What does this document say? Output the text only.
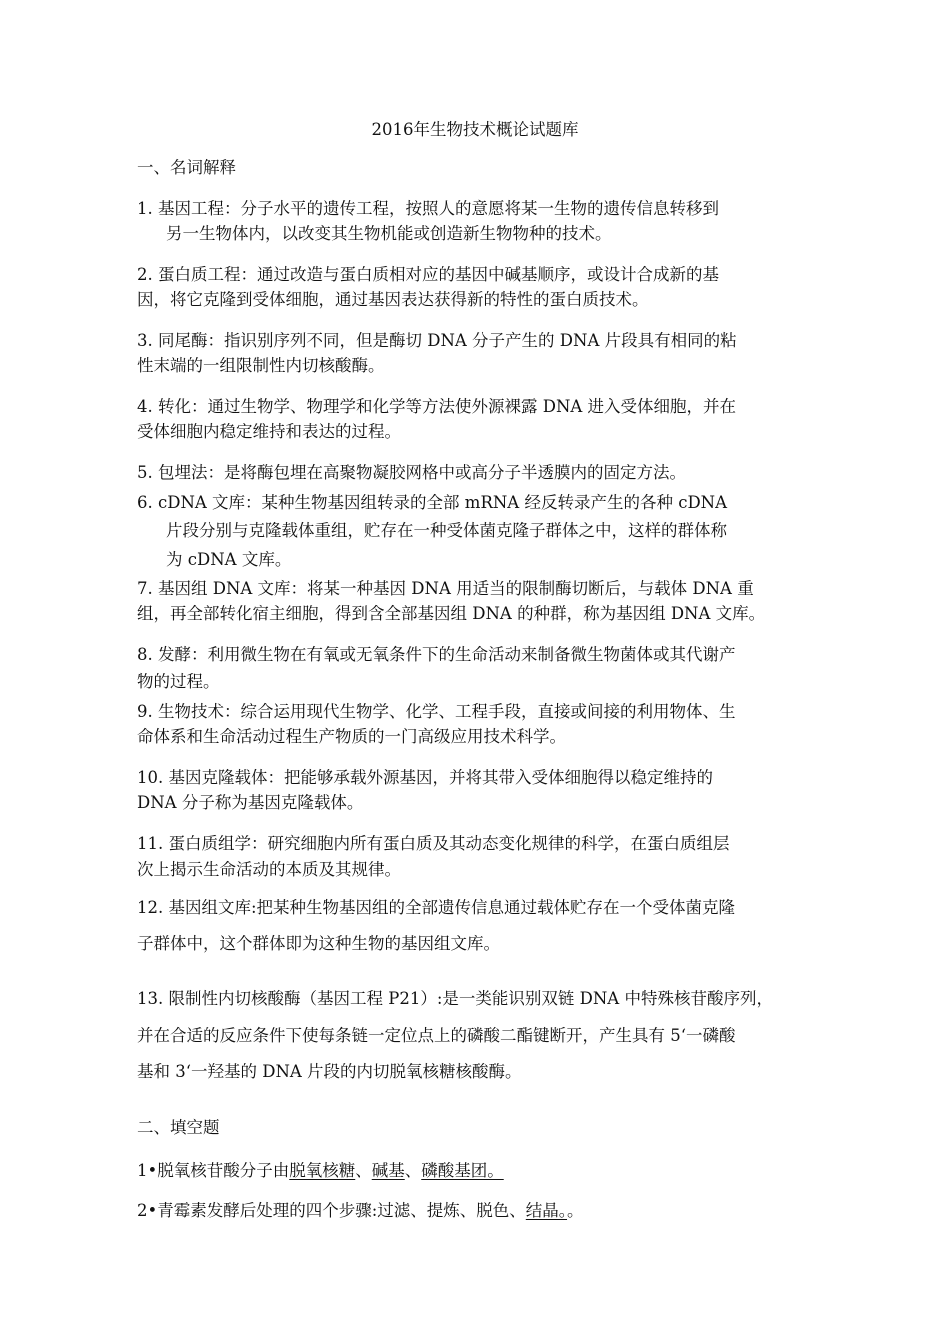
2016年生物技术概论试题库
一、名词解释
1. 基因工程：分子水平的遗传工程，按照人的意愿将某一生物的遗传信息转移到
另一生物体内，以改变其生物机能或创造新生物物种的技术。
2. 蛋白质工程：通过改造与蛋白质相对应的基因中碱基顺序，或设计合成新的基
因，将它克隆到受体细胞，通过基因表达获得新的特性的蛋白质技术。
3. 同尾酶：指识别序列不同，但是酶切 DNA 分子产生的 DNA 片段具有相同的粘
性末端的一组限制性内切核酸酶。
4. 转化：通过生物学、物理学和化学等方法使外源裸露 DNA 进入受体细胞，并在
受体细胞内稳定维持和表达的过程。
5. 包埋法：是将酶包埋在高聚物凝胶网格中或高分子半透膜内的固定方法。
6. cDNA 文库：某种生物基因组转录的全部 mRNA 经反转录产生的各种 cDNA
片段分别与克隆载体重组，贮存在一种受体菌克隆子群体之中，这样的群体称
为 cDNA 文库。
7. 基因组 DNA 文库：将某一种基因 DNA 用适当的限制酶切断后，与载体 DNA 重
组，再全部转化宿主细胞，得到含全部基因组 DNA 的种群，称为基因组 DNA 文库。
8. 发酵：利用微生物在有氧或无氧条件下的生命活动来制备微生物菌体或其代谢产
物的过程。
9. 生物技术：综合运用现代生物学、化学、工程手段，直接或间接的利用物体、生
命体系和生命活动过程生产物质的一门高级应用技术科学。
10. 基因克隆载体：把能够承载外源基因，并将其带入受体细胞得以稳定维持的
DNA 分子称为基因克隆载体。
11. 蛋白质组学：研究细胞内所有蛋白质及其动态变化规律的科学，在蛋白质组层
次上揭示生命活动的本质及其规律。
12. 基因组文库:把某种生物基因组的全部遗传信息通过载体贮存在一个受体菌克隆
子群体中，这个群体即为这种生物的基因组文库。
13. 限制性内切核酸酶（基因工程 P21）:是一类能识别双链 DNA 中特殊核苷酸序列，
并在合适的反应条件下使每条链一定位点上的磷酸二酯键断开，产生具有 5‘一磷酸
基和 3‘一羟基的 DNA 片段的内切脱氧核糖核酸酶。
二、填空题
1•脱氧核苷酸分子由脱氧核糖、碱基、磷酸基团。
2•青霉素发酵后处理的四个步骤:过滤、提炼、脱色、结晶。。
